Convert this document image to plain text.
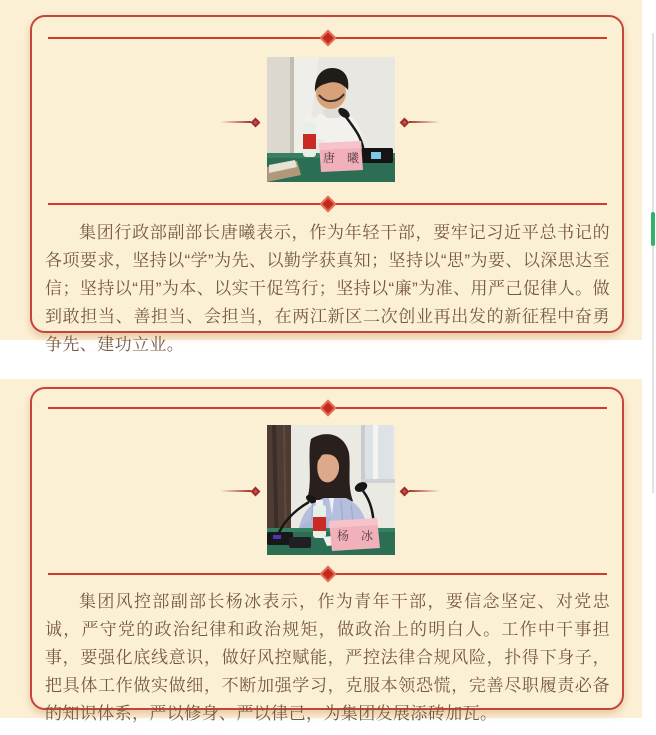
唐　曦

集团行政部副部长唐曦表示，作为年轻干部，要牢记习近平总书记的各项要求，坚持以“学”为先、以勤学获真知；坚持以“思”为要、以深思达至信；坚持以“用”为本、以实干促笃行；坚持以“廉”为准、用严己促律人。做到敢担当、善担当、会担当，在两江新区二次创业再出发的新征程中奋勇争先、建功立业。

杨　冰

集团风控部副部长杨冰表示，作为青年干部，要信念坚定、对党忠诚，严守党的政治纪律和政治规矩，做政治上的明白人。工作中干事担事，要强化底线意识，做好风控赋能，严控法律合规风险，扑得下身子，把具体工作做实做细，不断加强学习，克服本领恐慌，完善尽职履责必备的知识体系，严以修身、严以律己，为集团发展添砖加瓦。
